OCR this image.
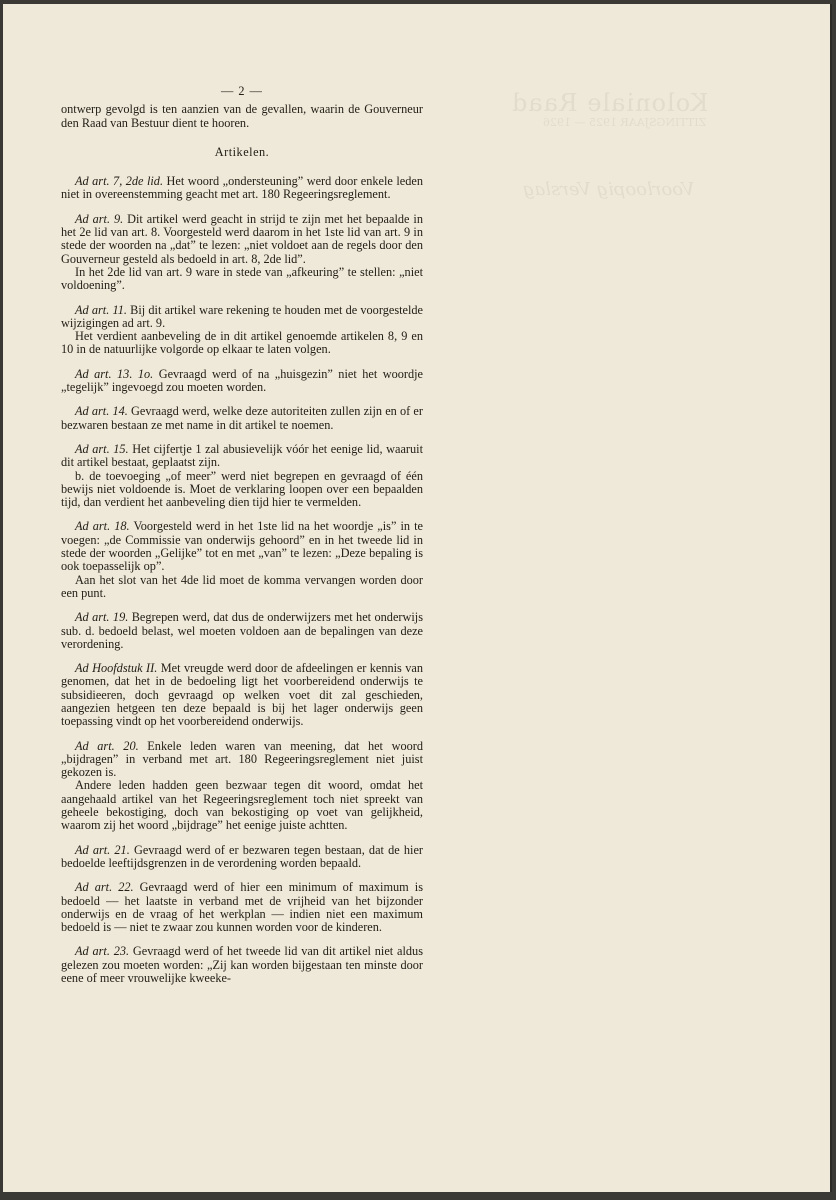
Koloniale Raad
ZITTINGSJAAR 1925 — 1926
Voorloopig Verslag
— 2 —

ontwerp gevolgd is ten aanzien van de gevallen, waarin de Gouverneur den Raad van Bestuur dient te hooren.

Artikelen.

Ad art. 7, 2de lid. Het woord „ondersteuning” werd door enkele leden niet in overeenstemming geacht met art. 180 Regeeringsreglement.

Ad art. 9. Dit artikel werd geacht in strijd te zijn met het bepaalde in het 2e lid van art. 8. Voorgesteld werd daarom in het 1ste lid van art. 9 in stede der woorden na „dat” te lezen: „niet voldoet aan de regels door den Gouverneur gesteld als bedoeld in art. 8, 2de lid”.

In het 2de lid van art. 9 ware in stede van „afkeuring” te stellen: „niet voldoening”.

Ad art. 11. Bij dit artikel ware rekening te houden met de voorgestelde wijzigingen ad art. 9.

Het verdient aanbeveling de in dit artikel genoemde artikelen 8, 9 en 10 in de natuurlijke volgorde op elkaar te laten volgen.

Ad art. 13. 1o. Gevraagd werd of na „huisgezin” niet het woordje „tegelijk” ingevoegd zou moeten worden.

Ad art. 14. Gevraagd werd, welke deze autoriteiten zullen zijn en of er bezwaren bestaan ze met name in dit artikel te noemen.

Ad art. 15. Het cijfertje 1 zal abusievelijk vóór het eenige lid, waaruit dit artikel bestaat, geplaatst zijn.

b. de toevoeging „of meer” werd niet begrepen en gevraagd of één bewijs niet voldoende is. Moet de verklaring loopen over een bepaalden tijd, dan verdient het aanbeveling dien tijd hier te vermelden.

Ad art. 18. Voorgesteld werd in het 1ste lid na het woordje „is” in te voegen: „de Commissie van onderwijs gehoord” en in het tweede lid in stede der woorden „Gelijke” tot en met „van” te lezen: „Deze bepaling is ook toepasselijk op”.

Aan het slot van het 4de lid moet de komma vervangen worden door een punt.

Ad art. 19. Begrepen werd, dat dus de onderwijzers met het onderwijs sub. d. bedoeld belast, wel moeten voldoen aan de bepalingen van deze verordening.

Ad Hoofdstuk II. Met vreugde werd door de afdeelingen er kennis van genomen, dat het in de bedoeling ligt het voorbereidend onderwijs te subsidieeren, doch gevraagd op welken voet dit zal geschieden, aangezien hetgeen ten deze bepaald is bij het lager onderwijs geen toepassing vindt op het voorbereidend onderwijs.

Ad art. 20. Enkele leden waren van meening, dat het woord „bijdragen” in verband met art. 180 Regeeringsreglement niet juist gekozen is.

Andere leden hadden geen bezwaar tegen dit woord, omdat het aangehaald artikel van het Regeeringsreglement toch niet spreekt van geheele bekostiging, doch van bekostiging op voet van gelijkheid, waarom zij het woord „bijdrage” het eenige juiste achtten.

Ad art. 21. Gevraagd werd of er bezwaren tegen bestaan, dat de hier bedoelde leeftijdsgrenzen in de verordening worden bepaald.

Ad art. 22. Gevraagd werd of hier een minimum of maximum is bedoeld — het laatste in verband met de vrijheid van het bijzonder onderwijs en de vraag of het werkplan — indien niet een maximum bedoeld is — niet te zwaar zou kunnen worden voor de kinderen.

Ad art. 23. Gevraagd werd of het tweede lid van dit artikel niet aldus gelezen zou moeten worden: „Zij kan worden bijgestaan ten minste door eene of meer vrouwelijke kweeke-
